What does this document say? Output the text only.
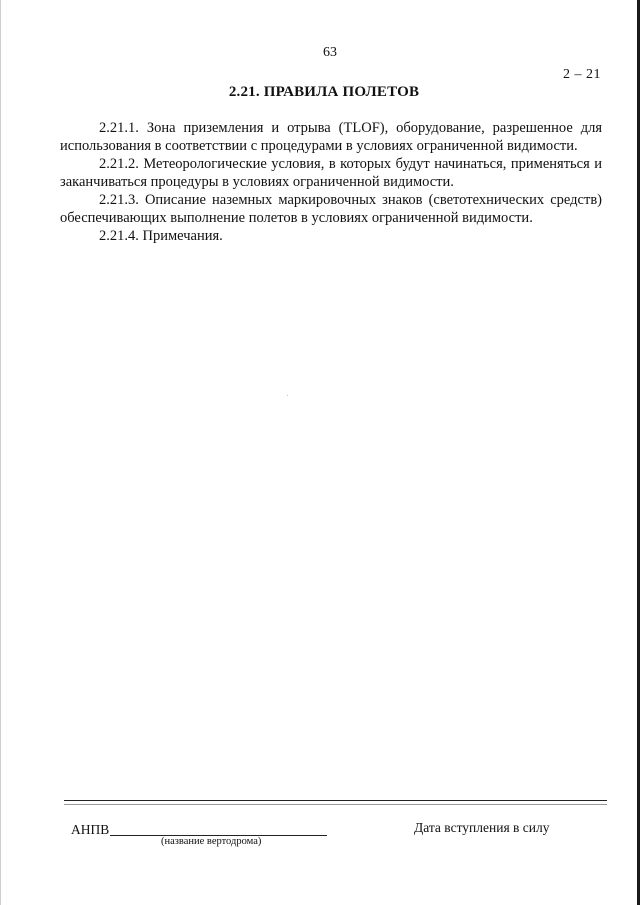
63
2 – 21
2.21. ПРАВИЛА ПОЛЕТОВ

2.21.1. Зона приземления и отрыва (TLOF), оборудование, разрешенное для использования в соответствии с процедурами в условиях ограниченной видимости.

2.21.2. Метеорологические условия, в которых будут начинаться, применяться и заканчиваться процедуры в условиях ограниченной видимости.

2.21.3. Описание наземных маркировочных знаков (светотехнических средств) обеспечивающих выполнение полетов в условиях ограниченной видимости.

2.21.4. Примечания.

АНПВ
(название вертодрома)
Дата вступления в силу
